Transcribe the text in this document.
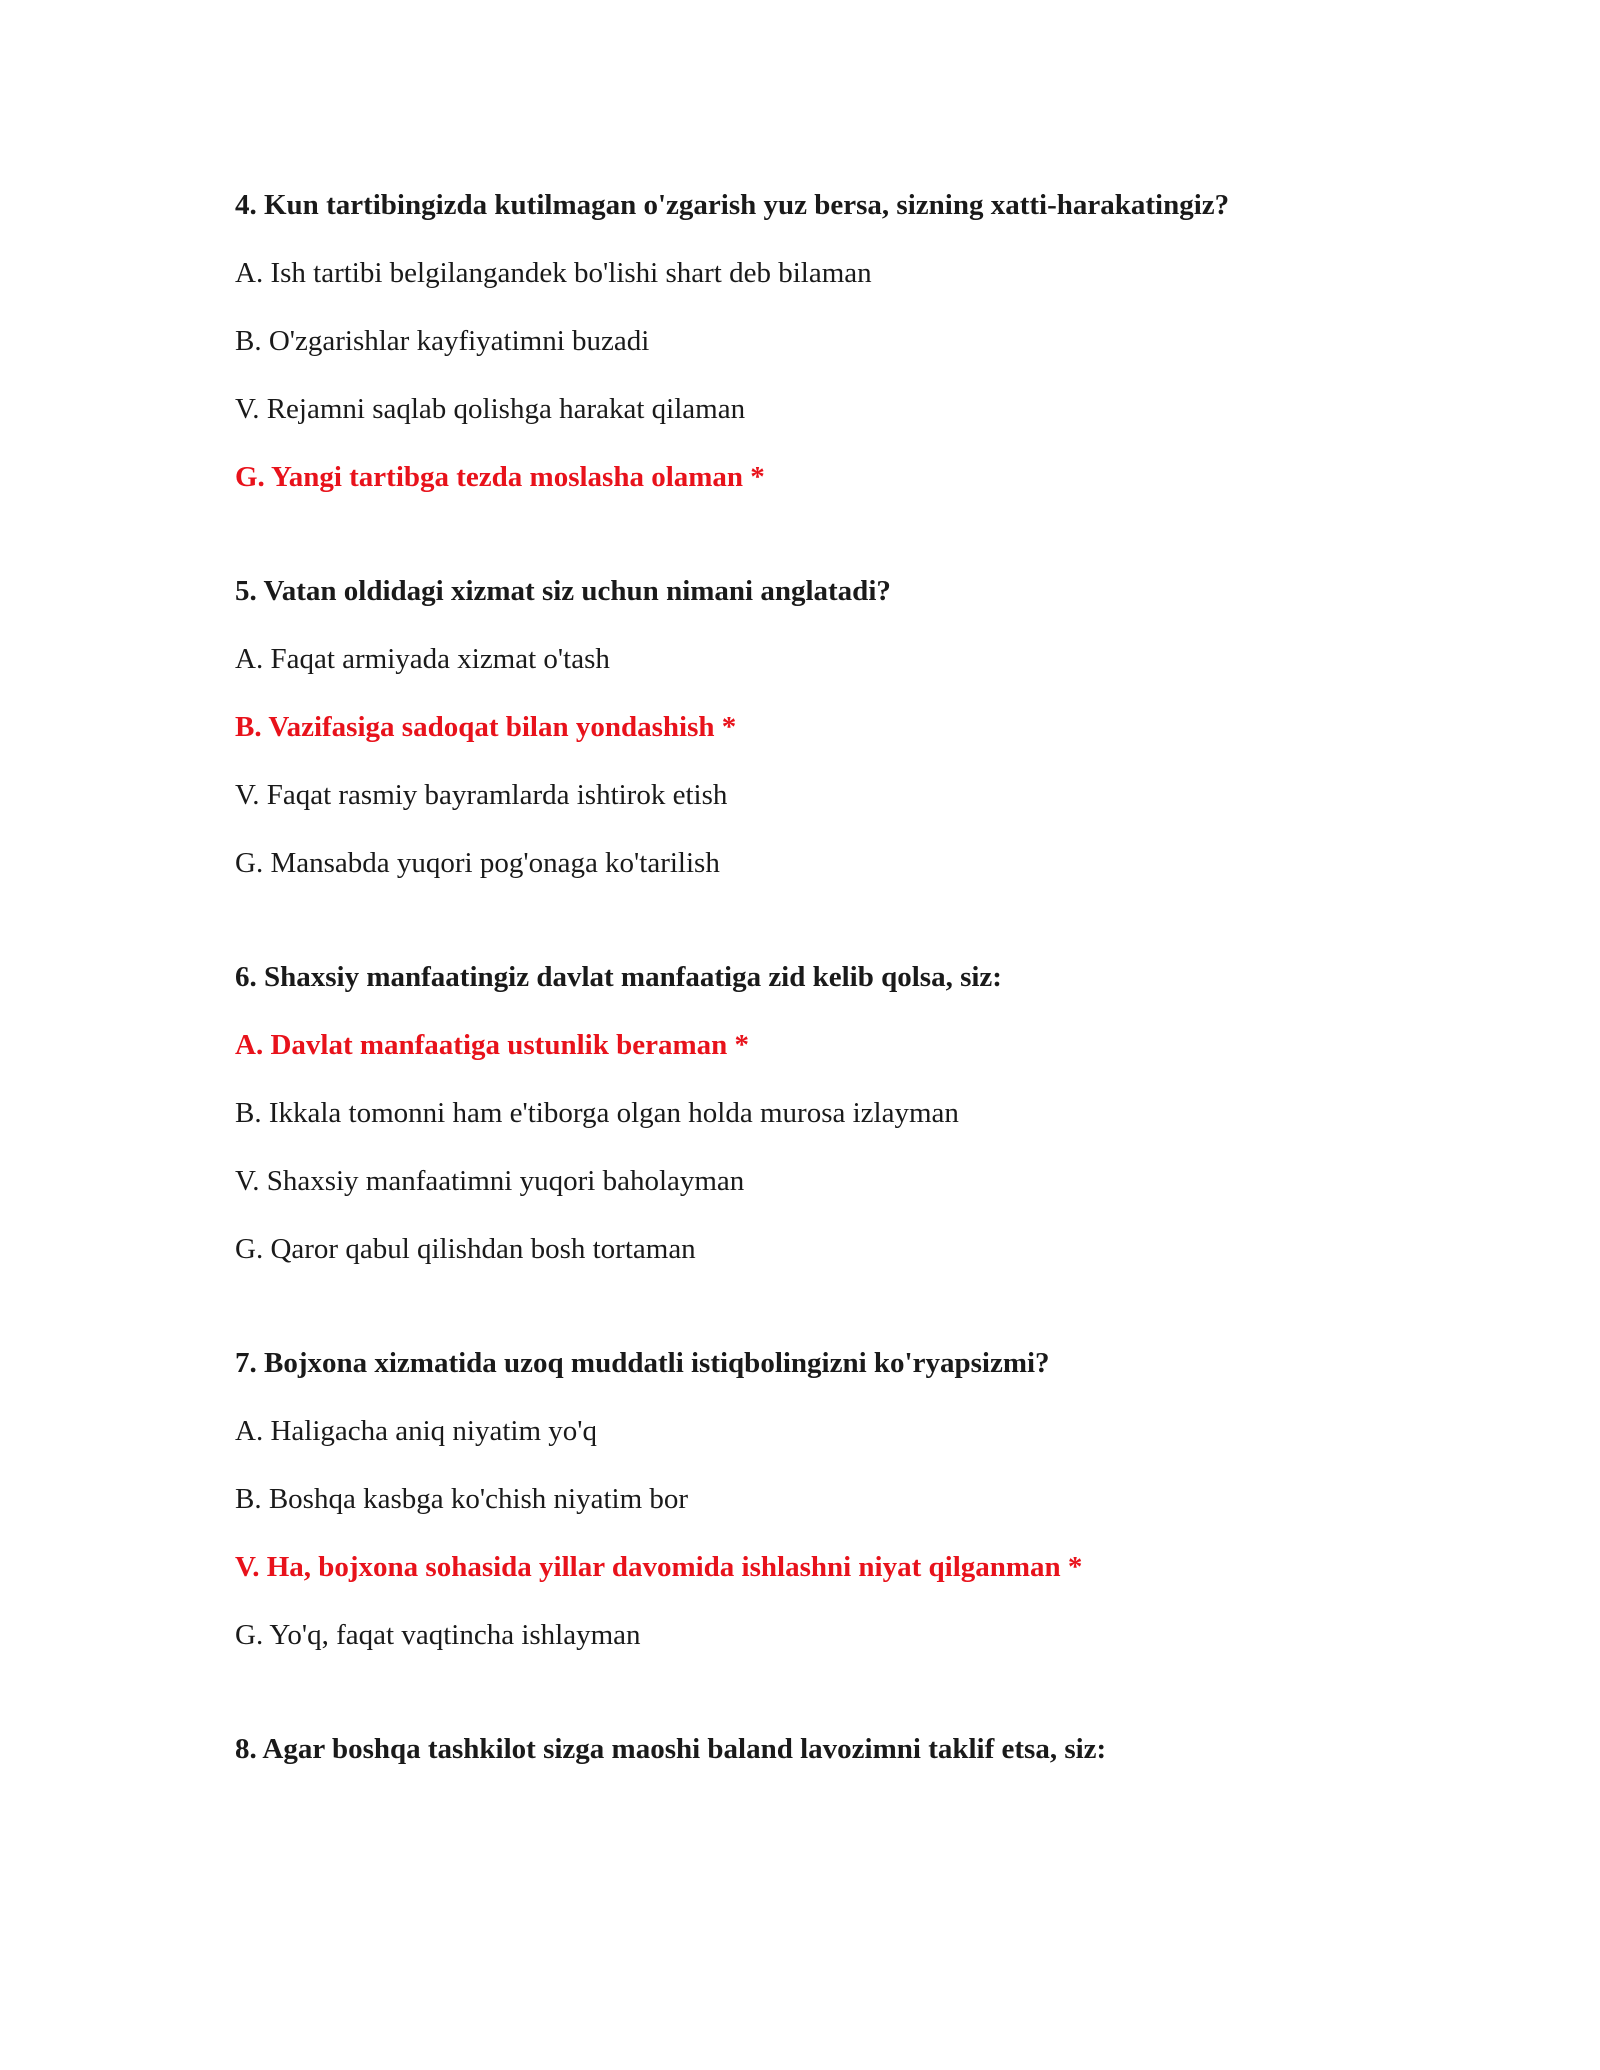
4. Kun tartibingizda kutilmagan o'zgarish yuz bersa, sizning xatti-harakatingiz?
A. Ish tartibi belgilangandek bo'lishi shart deb bilaman
B. O'zgarishlar kayfiyatimni buzadi
V. Rejamni saqlab qolishga harakat qilaman
G. Yangi tartibga tezda moslasha olaman *
5. Vatan oldidagi xizmat siz uchun nimani anglatadi?
A. Faqat armiyada xizmat o'tash
B. Vazifasiga sadoqat bilan yondashish *
V. Faqat rasmiy bayramlarda ishtirok etish
G. Mansabda yuqori pog'onaga ko'tarilish
6. Shaxsiy manfaatingiz davlat manfaatiga zid kelib qolsa, siz:
A. Davlat manfaatiga ustunlik beraman *
B. Ikkala tomonni ham e'tiborga olgan holda murosa izlayman
V. Shaxsiy manfaatimni yuqori baholayman
G. Qaror qabul qilishdan bosh tortaman
7. Bojxona xizmatida uzoq muddatli istiqbolingizni ko'ryapsizmi?
A. Haligacha aniq niyatim yo'q
B. Boshqa kasbga ko'chish niyatim bor
V. Ha, bojxona sohasida yillar davomida ishlashni niyat qilganman *
G. Yo'q, faqat vaqtincha ishlayman
8. Agar boshqa tashkilot sizga maoshi baland lavozimni taklif etsa, siz:
